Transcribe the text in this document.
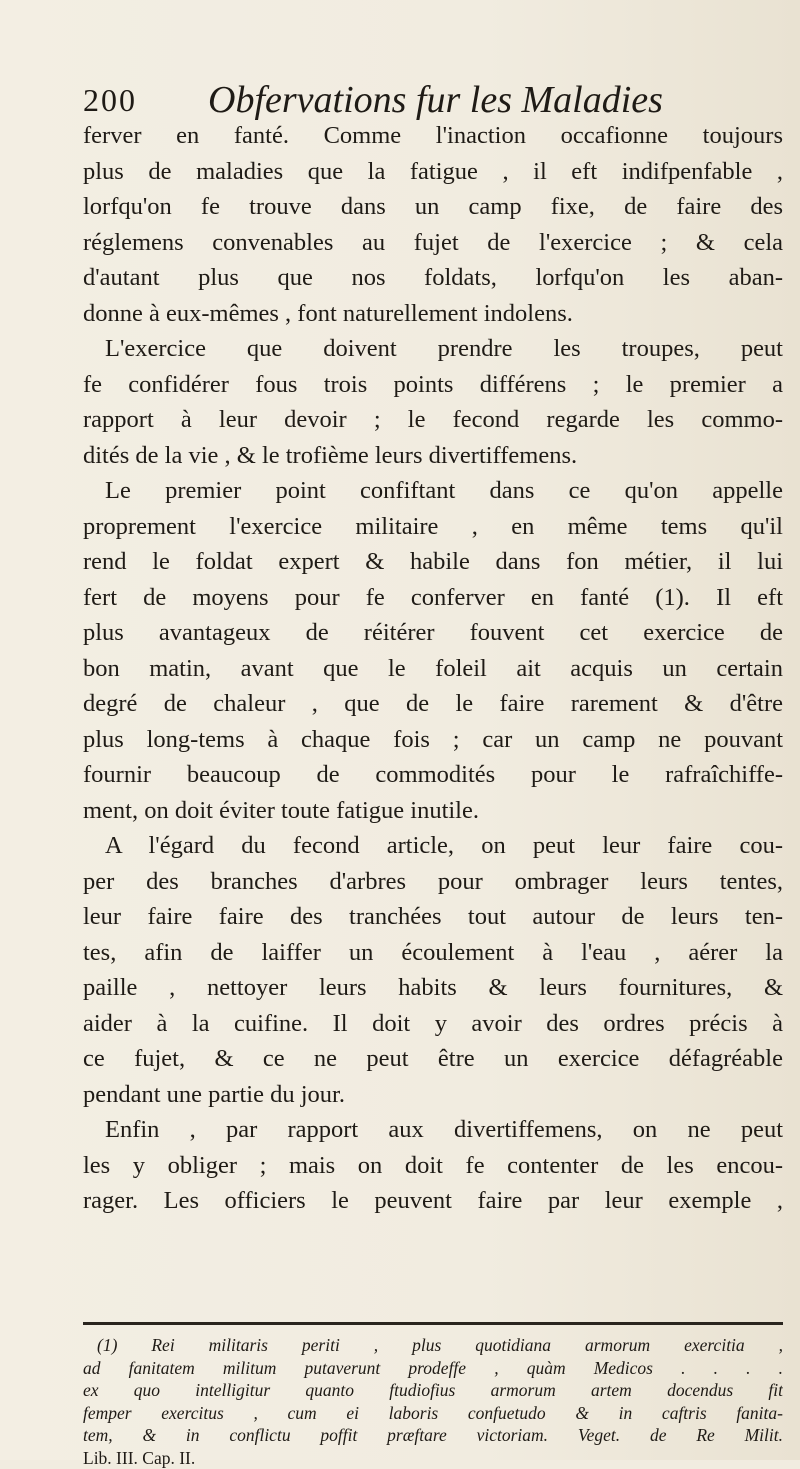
200 Obfervations fur les Maladies
ferver en fanté. Comme l'inaction occafionne toujours
plus de maladies que la fatigue , il eft indifpenfable ,
lorfqu'on fe trouve dans un camp fixe, de faire des
réglemens convenables au fujet de l'exercice ; & cela
d'autant plus que nos foldats, lorfqu'on les aban-
donne à eux-mêmes , font naturellement indolens.
L'exercice que doivent prendre les troupes, peut
fe confidérer fous trois points différens ; le premier a
rapport à leur devoir ; le fecond regarde les commo-
dités de la vie , & le trofième leurs divertiffemens.
Le premier point confiftant dans ce qu'on appelle
proprement l'exercice militaire , en même tems qu'il
rend le foldat expert & habile dans fon métier, il lui
fert de moyens pour fe conferver en fanté (1). Il eft
plus avantageux de réitérer fouvent cet exercice de
bon matin, avant que le foleil ait acquis un certain
degré de chaleur , que de le faire rarement & d'être
plus long-tems à chaque fois ; car un camp ne pouvant
fournir beaucoup de commodités pour le rafraîchiffe-
ment, on doit éviter toute fatigue inutile.
A l'égard du fecond article, on peut leur faire cou-
per des branches d'arbres pour ombrager leurs tentes,
leur faire faire des tranchées tout autour de leurs ten-
tes, afin de laiffer un écoulement à l'eau , aérer la
paille , nettoyer leurs habits & leurs fournitures, &
aider à la cuifine. Il doit y avoir des ordres précis à
ce fujet, & ce ne peut être un exercice défagréable
pendant une partie du jour.
Enfin , par rapport aux divertiffemens, on ne peut
les y obliger ; mais on doit fe contenter de les encou-
rager. Les officiers le peuvent faire par leur exemple ,
(1) Rei militaris periti , plus quotidiana armorum exercitia ,
ad fanitatem militum putaverunt prodeffe , quàm Medicos . . . .
ex quo intelligitur quanto ftudiofius armorum artem docendus fit
femper exercitus , cum ei laboris confuetudo & in caftris fanita-
tem, & in conflictu poffit præftare victoriam. Veget. de Re Milit.
Lib. III. Cap. II.
